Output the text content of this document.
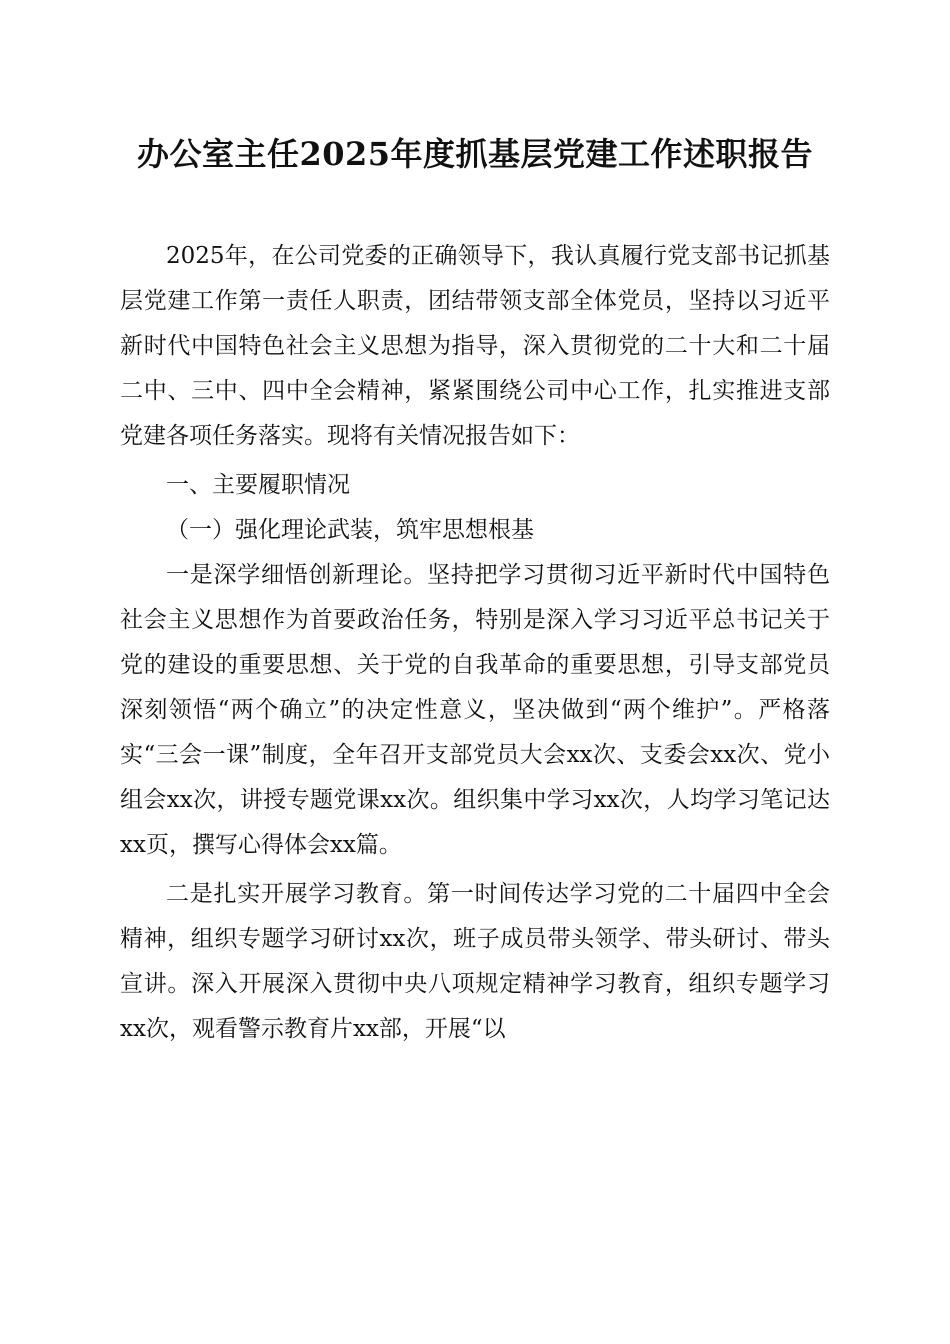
办公室主任2025年度抓基层党建工作述职报告

2025年，在公司党委的正确领导下，我认真履行党支部书记抓基层党建工作第一责任人职责，团结带领支部全体党员，坚持以习近平新时代中国特色社会主义思想为指导，深入贯彻党的二十大和二十届二中、三中、四中全会精神，紧紧围绕公司中心工作，扎实推进支部党建各项任务落实。现将有关情况报告如下：

一、主要履职情况

（一）强化理论武装，筑牢思想根基

一是深学细悟创新理论。坚持把学习贯彻习近平新时代中国特色社会主义思想作为首要政治任务，特别是深入学习习近平总书记关于党的建设的重要思想、关于党的自我革命的重要思想，引导支部党员深刻领悟“两个确立”的决定性意义，坚决做到“两个维护”。严格落实“三会一课”制度，全年召开支部党员大会xx次、支委会xx次、党小组会xx次，讲授专题党课xx次。组织集中学习xx次，人均学习笔记达xx页，撰写心得体会xx篇。

二是扎实开展学习教育。第一时间传达学习党的二十届四中全会精神，组织专题学习研讨xx次，班子成员带头领学、带头研讨、带头宣讲。深入开展深入贯彻中央八项规定精神学习教育，组织专题学习xx次，观看警示教育片xx部，开展“以
